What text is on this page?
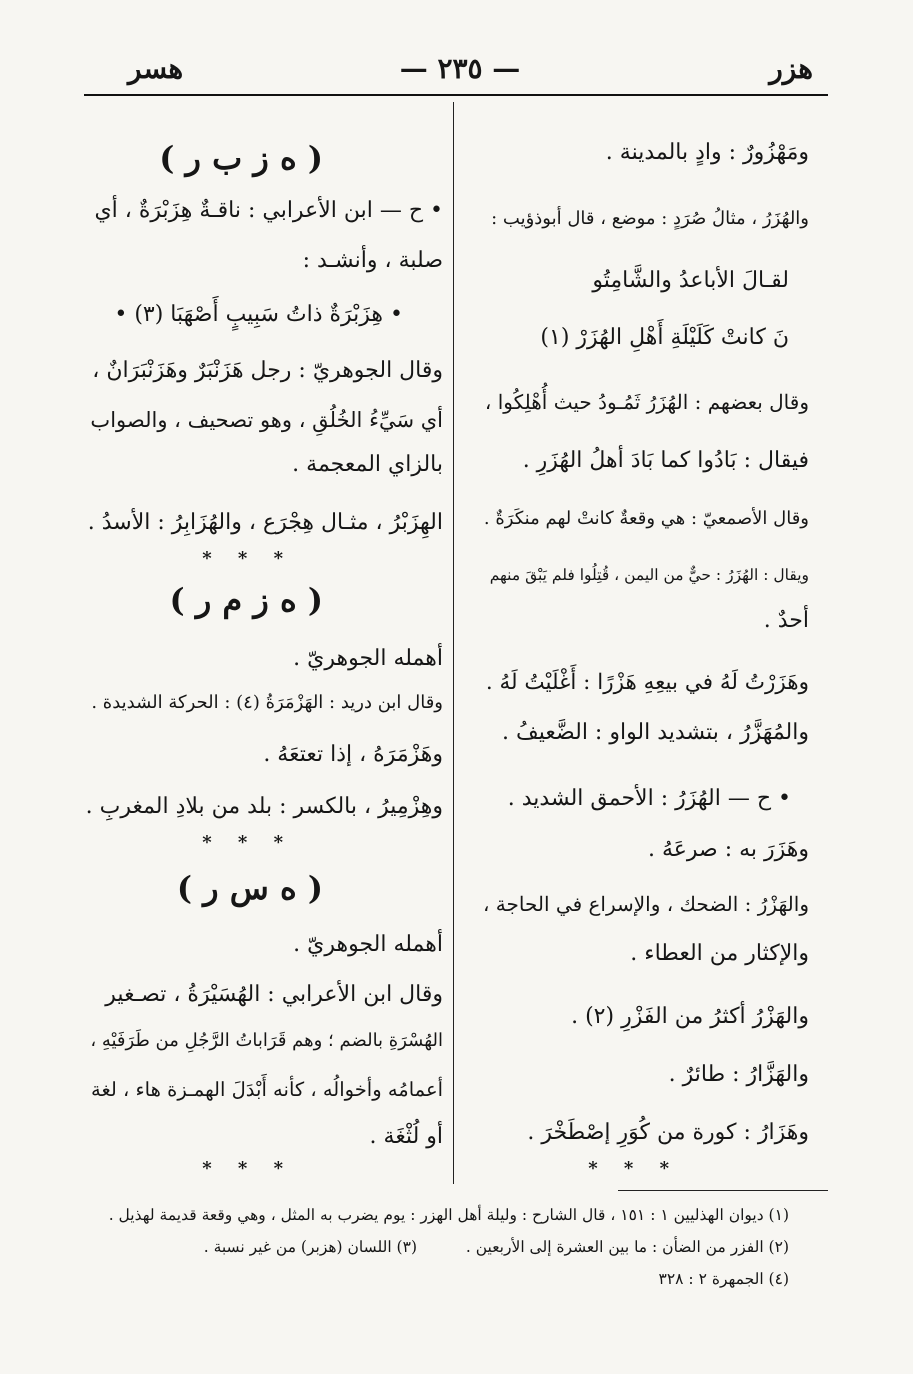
هزر
— ٢٣٥ —
هسر
ومَهْزُورٌ : وادٍ بالمدينة .
والهُزَرُ ، مثالُ صُرَدٍ : موضع ، قال أبوذؤيب :
لقـالَ الأباعدُ والشَّامِتُو
نَ كانتْ كَلَيْلَةِ أَهْلِ الهُزَرْ (١)
وقال بعضهم : الهُزَرُ ثَمُـودُ حيث أُهْلِكُوا ،
فيقال : بَادُوا كما بَادَ أهلُ الهُزَرِ .
وقال الأصمعيّ : هي وقعةٌ كانتْ لهم منكَرَةٌ .
ويقال : الهُزَرُ : حيٌّ من اليمن ، قُتِلُوا فلم يَبْقَ منهم
أحدٌ .
وهَزَرْتُ لَهُ في بيعِهِ هَزْرًا : أَغْلَيْتُ لَهُ .
والمُهَزَّرُ ، بتشديد الواو : الضَّعيفُ .
• ح — الهُزَرُ : الأحمق الشديد .
وهَزَرَ به : صرعَهُ .
والهَزْرُ : الضحك ، والإسراع في الحاجة ،
والإكثار من العطاء .
والهَزْرُ أكثرُ من الفَزْرِ (٢) .
والهَزَّارُ : طائرٌ .
وهَزَارُ : كورة من كُوَرِ إصْطَخْرَ .
* * *
( ه ز ب ر )
• ح — ابن الأعرابي : ناقـةٌ هِزَبْرَةٌ ، أي
صلبة ، وأنشـد :
• هِزَبْرَةٌ ذاتُ سَبِيبٍ أَصْهَبَا (٣) •
وقال الجوهريّ : رجل هَزَنْبَرٌ وهَزَنْبَرَانٌ ،
أي سَيِّءُ الخُلُقِ ، وهو تصحيف ، والصواب
بالزاي المعجمة .
الهِزَبْرُ ، مثـال هِجْرَع ، والهُزَابِرُ : الأسدُ .
* * *
( ه ز م ر )
أهمله الجوهريّ .
وقال ابن دريد : الهَزْمَرَةُ (٤) : الحركة الشديدة .
وهَزْمَرَهُ ، إذا تعتعَهُ .
وهِزْمِيرُ ، بالكسر : بلد من بلادِ المغربِ .
* * *
( ه س ر )
أهمله الجوهريّ .
وقال ابن الأعرابي : الهُسَيْرَةُ ، تصـغير
الهُسْرَةِ بالضم ؛ وهم قَرَاباتُ الرَّجُلِ من طَرَفَيْهِ ،
أعمامُه وأخوالُه ، كأنه أَبْدَلَ الهمـزة هاء ، لغة
أو لُثْغَة .
* * *
(١) ديوان الهذليين ١ : ١٥١ ، قال الشارح : وليلة أهل الهزر : يوم يضرب به المثل ، وهي وقعة قديمة لهذيل .
(٢) الفزر من الضأن : ما بين العشرة إلى الأربعين .
(٣) اللسان (هزبر) من غير نسبة .
(٤) الجمهرة ٢ : ٣٢٨
